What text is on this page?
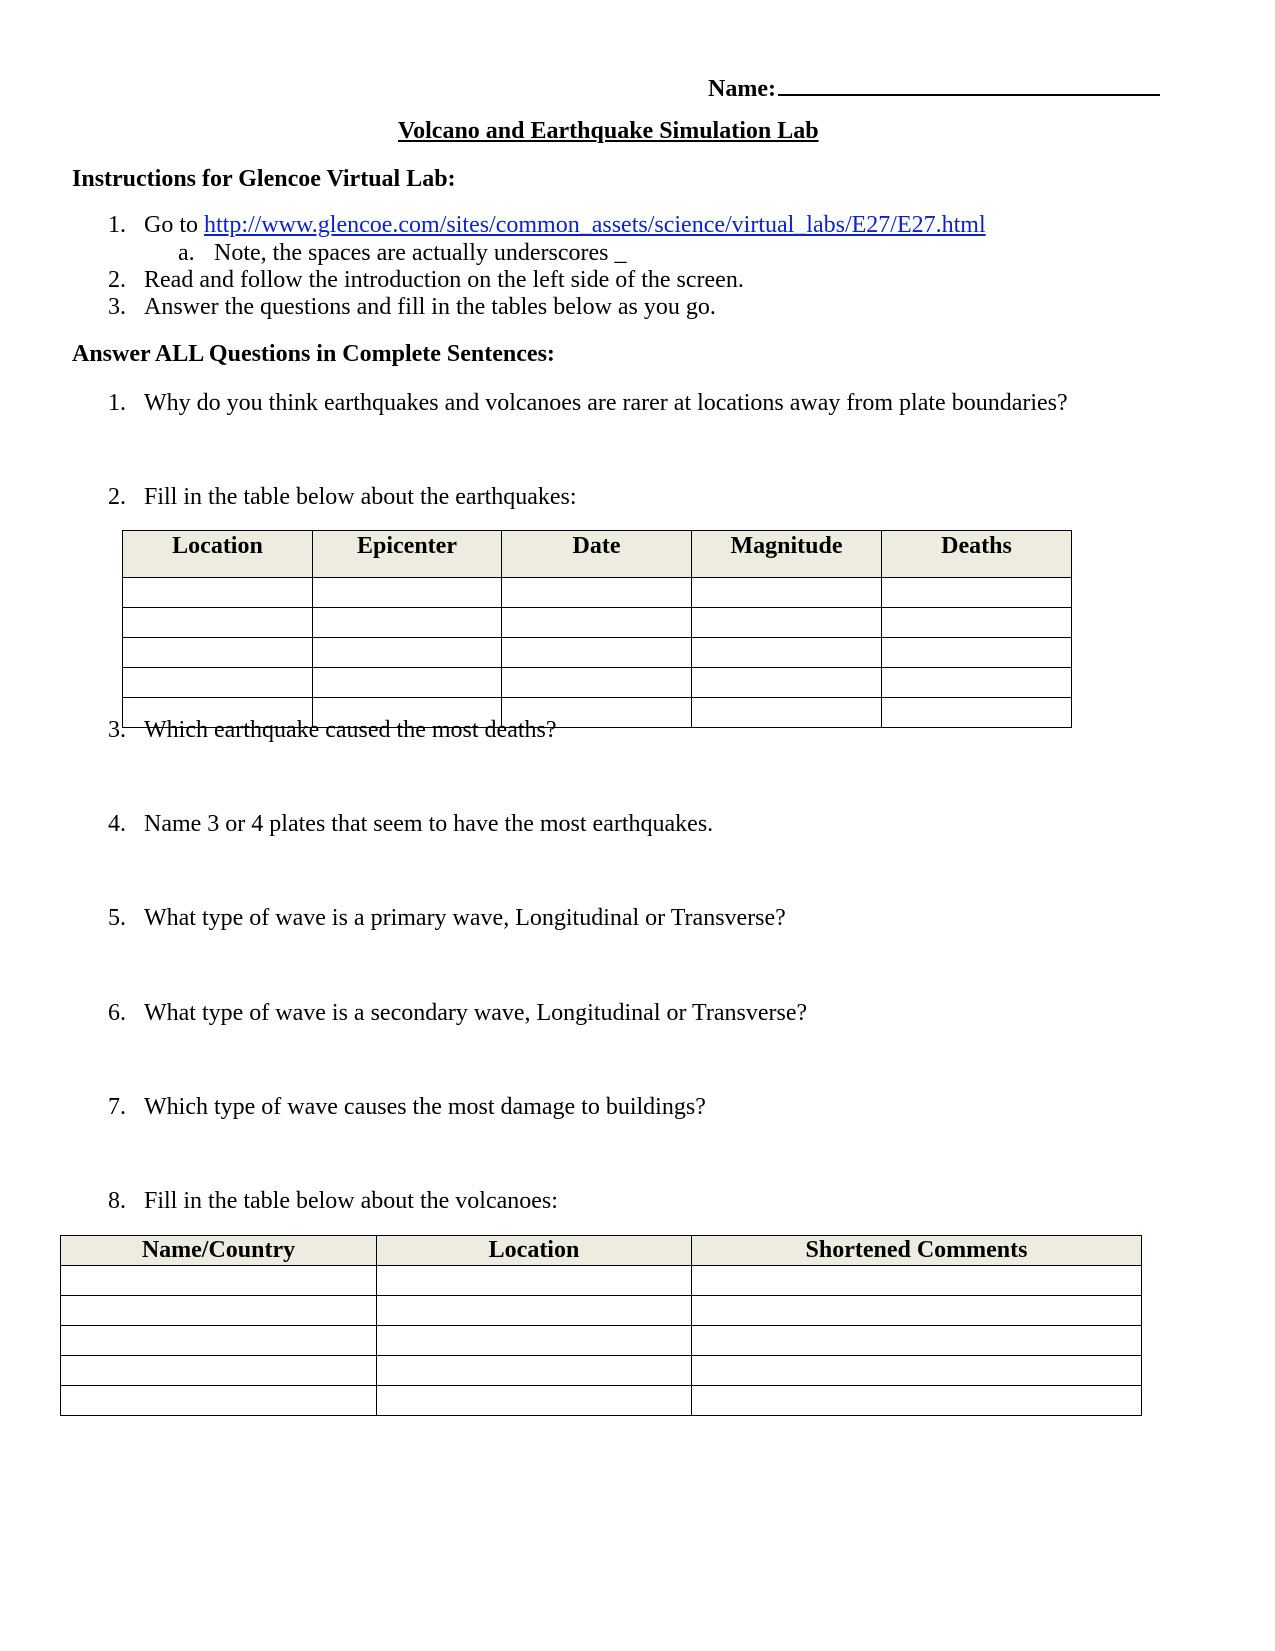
Name:
Volcano and Earthquake Simulation Lab
Instructions for Glencoe Virtual Lab:
1. Go to http://www.glencoe.com/sites/common_assets/science/virtual_labs/E27/E27.html
a. Note, the spaces are actually underscores _
2. Read and follow the introduction on the left side of the screen.
3. Answer the questions and fill in the tables below as you go.
Answer ALL Questions in Complete Sentences:
1. Why do you think earthquakes and volcanoes are rarer at locations away from plate boundaries?
2. Fill in the table below about the earthquakes:
Location	Epicenter	Date	Magnitude	Deaths

3. Which earthquake caused the most deaths?
4. Name 3 or 4 plates that seem to have the most earthquakes.
5. What type of wave is a primary wave, Longitudinal or Transverse?
6. What type of wave is a secondary wave, Longitudinal or Transverse?
7. Which type of wave causes the most damage to buildings?
8. Fill in the table below about the volcanoes:
Name/Country	Location	Shortened Comments
